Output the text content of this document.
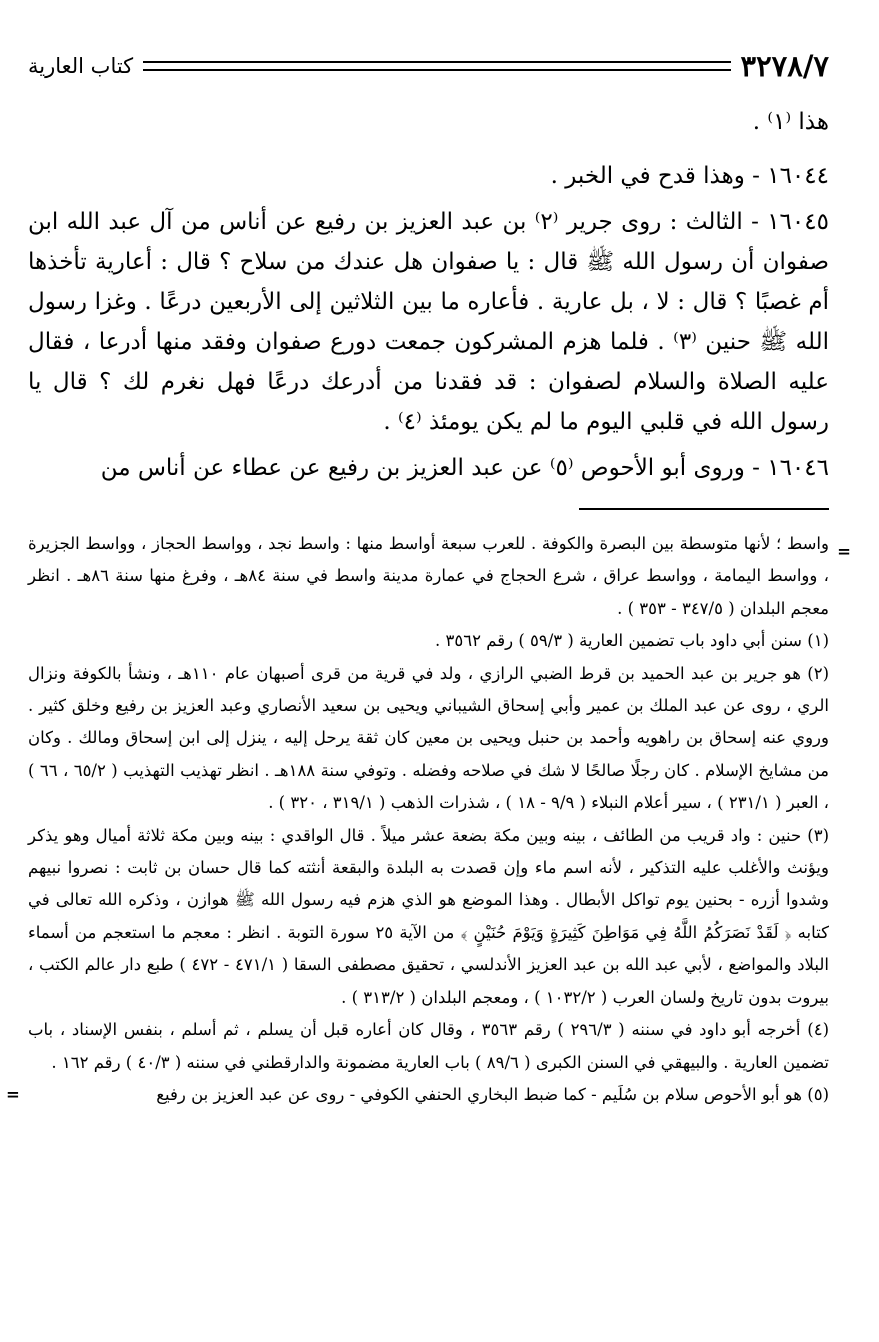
٣٢٧٨/٧
كتاب العارية

هذا ⁽١⁾ .

١٦٠٤٤ - وهذا قدح في الخبر .

١٦٠٤٥ - الثالث : روى جرير ⁽٢⁾ بن عبد العزيز بن رفيع عن أناس من آل عبد الله ابن صفوان أن رسول الله ﷺ قال : يا صفوان هل عندك من سلاح ؟ قال : أعارية تأخذها أم غصبًا ؟ قال : لا ، بل عارية . فأعاره ما بين الثلاثين إلى الأربعين درعًا . وغزا رسول الله ﷺ حنين ⁽٣⁾ . فلما هزم المشركون جمعت دورع صفوان وفقد منها أدرعا ، فقال عليه الصلاة والسلام لصفوان : قد فقدنا من أدرعك درعًا فهل نغرم لك ؟ قال يا رسول الله في قلبي اليوم ما لم يكن يومئذ ⁽٤⁾ .

١٦٠٤٦ - وروى أبو الأحوص ⁽٥⁾ عن عبد العزيز بن رفيع عن عطاء عن أناس من

=

واسط ؛ لأنها متوسطة بين البصرة والكوفة . للعرب سبعة أواسط منها : واسط نجد ، وواسط الحجاز ، وواسط الجزيرة ، وواسط اليمامة ، وواسط عراق ، شرع الحجاج في عمارة مدينة واسط في سنة ٨٤هـ ، وفرغ منها سنة ٨٦هـ . انظر معجم البلدان ( ٣٤٧/٥ - ٣٥٣ ) .

(١) سنن أبي داود باب تضمين العارية ( ٥٩/٣ ) رقم ٣٥٦٢ .

(٢) هو جرير بن عبد الحميد بن قرط الضبي الرازي ، ولد في قرية من قرى أصبهان عام ١١٠هـ ، ونشأ بالكوفة ونزال الري ، روى عن عبد الملك بن عمير وأبي إسحاق الشيباني ويحيى بن سعيد الأنصاري وعبد العزيز بن رفيع وخلق كثير . وروي عنه إسحاق بن راهويه وأحمد بن حنبل ويحيى بن معين كان ثقة يرحل إليه ، ينزل إلى ابن إسحاق ومالك . وكان من مشايخ الإسلام . كان رجلًا صالحًا لا شك في صلاحه وفضله . وتوفي سنة ١٨٨هـ . انظر تهذيب التهذيب ( ٦٥/٢ ، ٦٦ ) ، العبر ( ٢٣١/١ ) ، سير أعلام النبلاء ( ٩/٩ - ١٨ ) ، شذرات الذهب ( ٣١٩/١ ، ٣٢٠ ) .

(٣) حنين : واد قريب من الطائف ، بينه وبين مكة بضعة عشر ميلاً . قال الواقدي : بينه وبين مكة ثلاثة أميال وهو يذكر ويؤنث والأغلب عليه التذكير ، لأنه اسم ماء وإن قصدت به البلدة والبقعة أنثته كما قال حسان بن ثابت : نصروا نبيهم وشدوا أزره - بحنين يوم تواكل الأبطال . وهذا الموضع هو الذي هزم فيه رسول الله ﷺ هوازن ، وذكره الله تعالى في كتابه ﴿ لَقَدْ نَصَرَكُمُ اللَّهُ فِي مَوَاطِنَ كَثِيرَةٍ وَيَوْمَ حُنَيْنٍ ﴾ من الآية ٢٥ سورة التوبة . انظر : معجم ما استعجم من أسماء البلاد والمواضع ، لأبي عبد الله بن عبد العزيز الأندلسي ، تحقيق مصطفى السقا ( ٤٧١/١ - ٤٧٢ ) طبع دار عالم الكتب ، بيروت بدون تاريخ ولسان العرب ( ١٠٣٢/٢ ) ، ومعجم البلدان ( ٣١٣/٢ ) .

(٤) أخرجه أبو داود في سننه ( ٢٩٦/٣ ) رقم ٣٥٦٣ ، وقال كان أعاره قبل أن يسلم ، ثم أسلم ، بنفس الإسناد ، باب تضمين العارية . والبيهقي في السنن الكبرى ( ٨٩/٦ ) باب العارية مضمونة والدارقطني في سننه ( ٤٠/٣ ) رقم ١٦٢ .

(٥) هو أبو الأحوص سلام بن سُلَيم - كما ضبط البخاري الحنفي الكوفي - روى عن عبد العزيز بن رفيع

=
